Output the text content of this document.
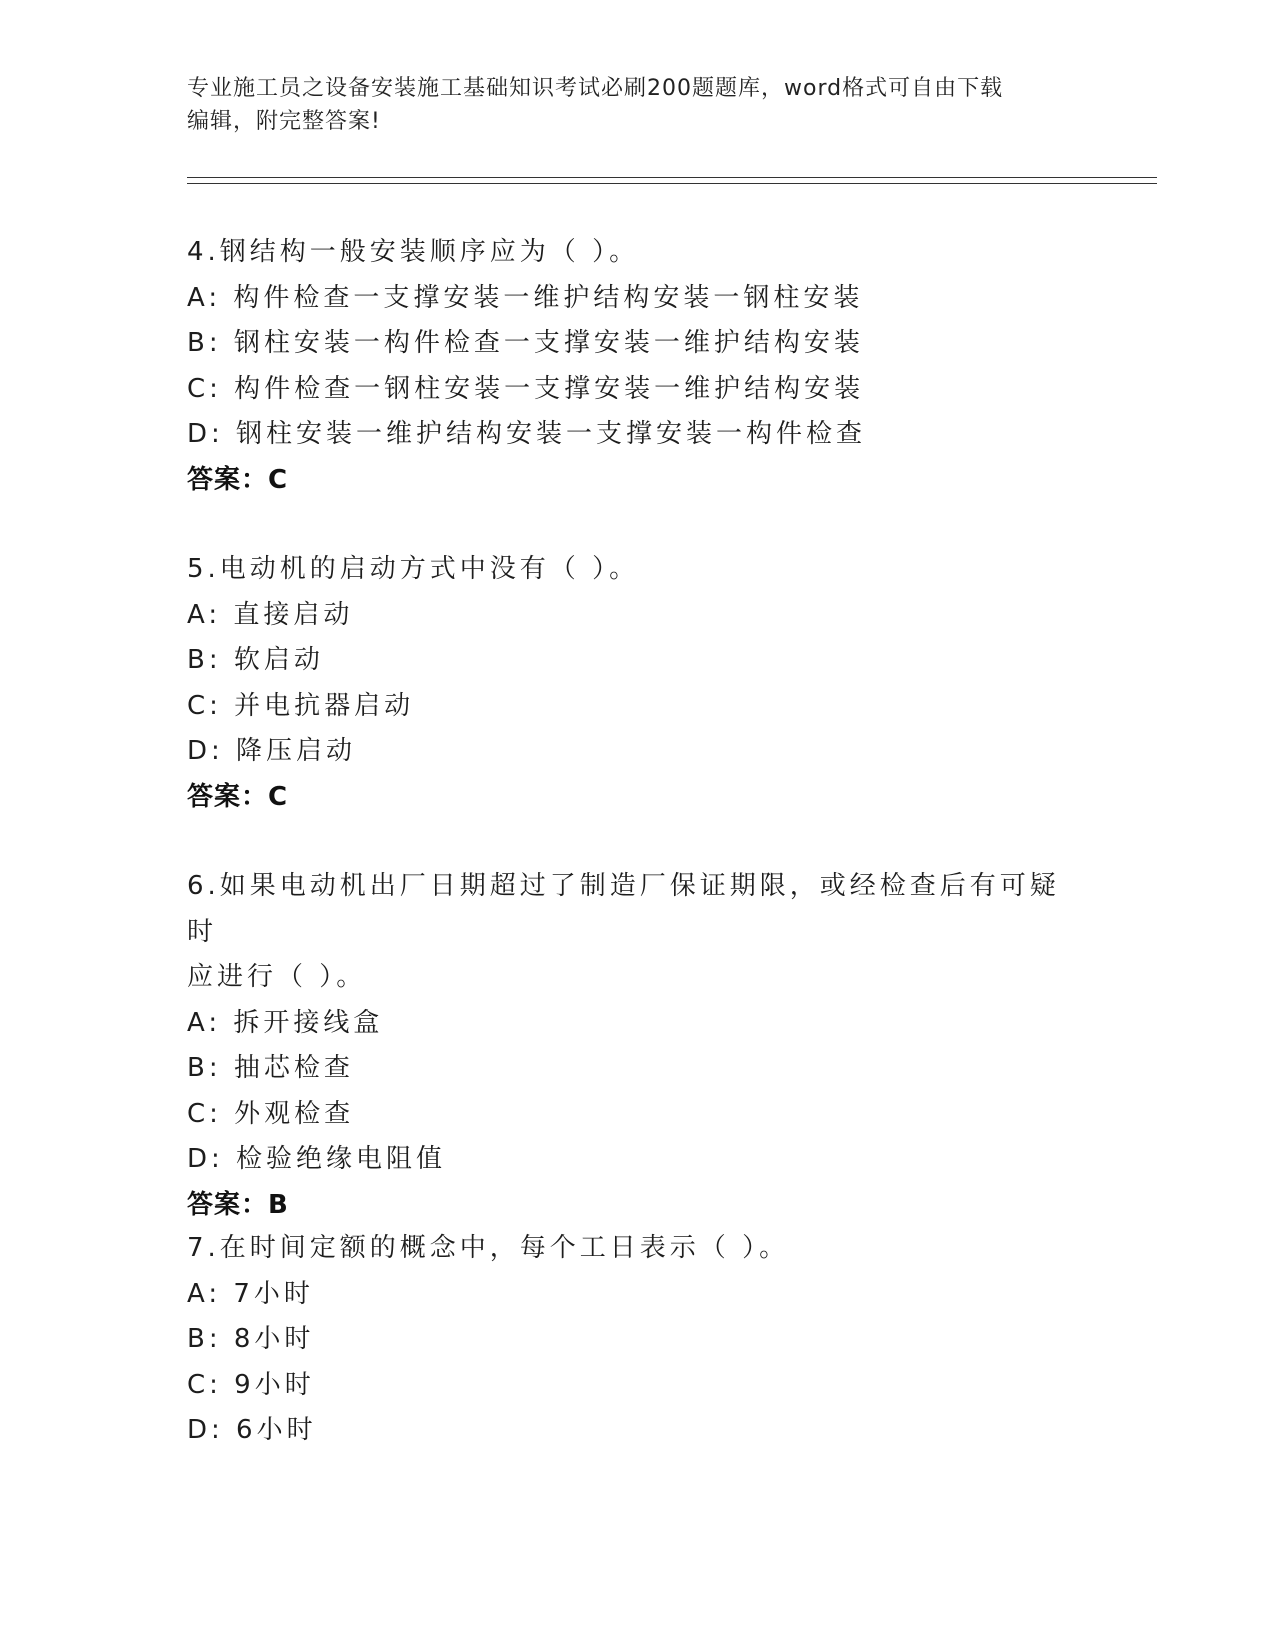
专业施工员之设备安装施工基础知识考试必刷200题题库，word格式可自由下载
编辑，附完整答案!
4.钢结构一般安装顺序应为（ ）。
A: 构件检查一支撑安装一维护结构安装一钢柱安装
B: 钢柱安装一构件检查一支撑安装一维护结构安装
C: 构件检查一钢柱安装一支撑安装一维护结构安装
D: 钢柱安装一维护结构安装一支撑安装一构件检查
答案：C
5.电动机的启动方式中没有（ ）。
A: 直接启动
B: 软启动
C: 并电抗器启动
D: 降压启动
答案：C
6.如果电动机出厂日期超过了制造厂保证期限，或经检查后有可疑时
应进行（ ）。
A: 拆开接线盒
B: 抽芯检查
C: 外观检查
D: 检验绝缘电阻值
答案：B
7.在时间定额的概念中，每个工日表示（ ）。
A: 7小时
B: 8小时
C: 9小时
D: 6小时
